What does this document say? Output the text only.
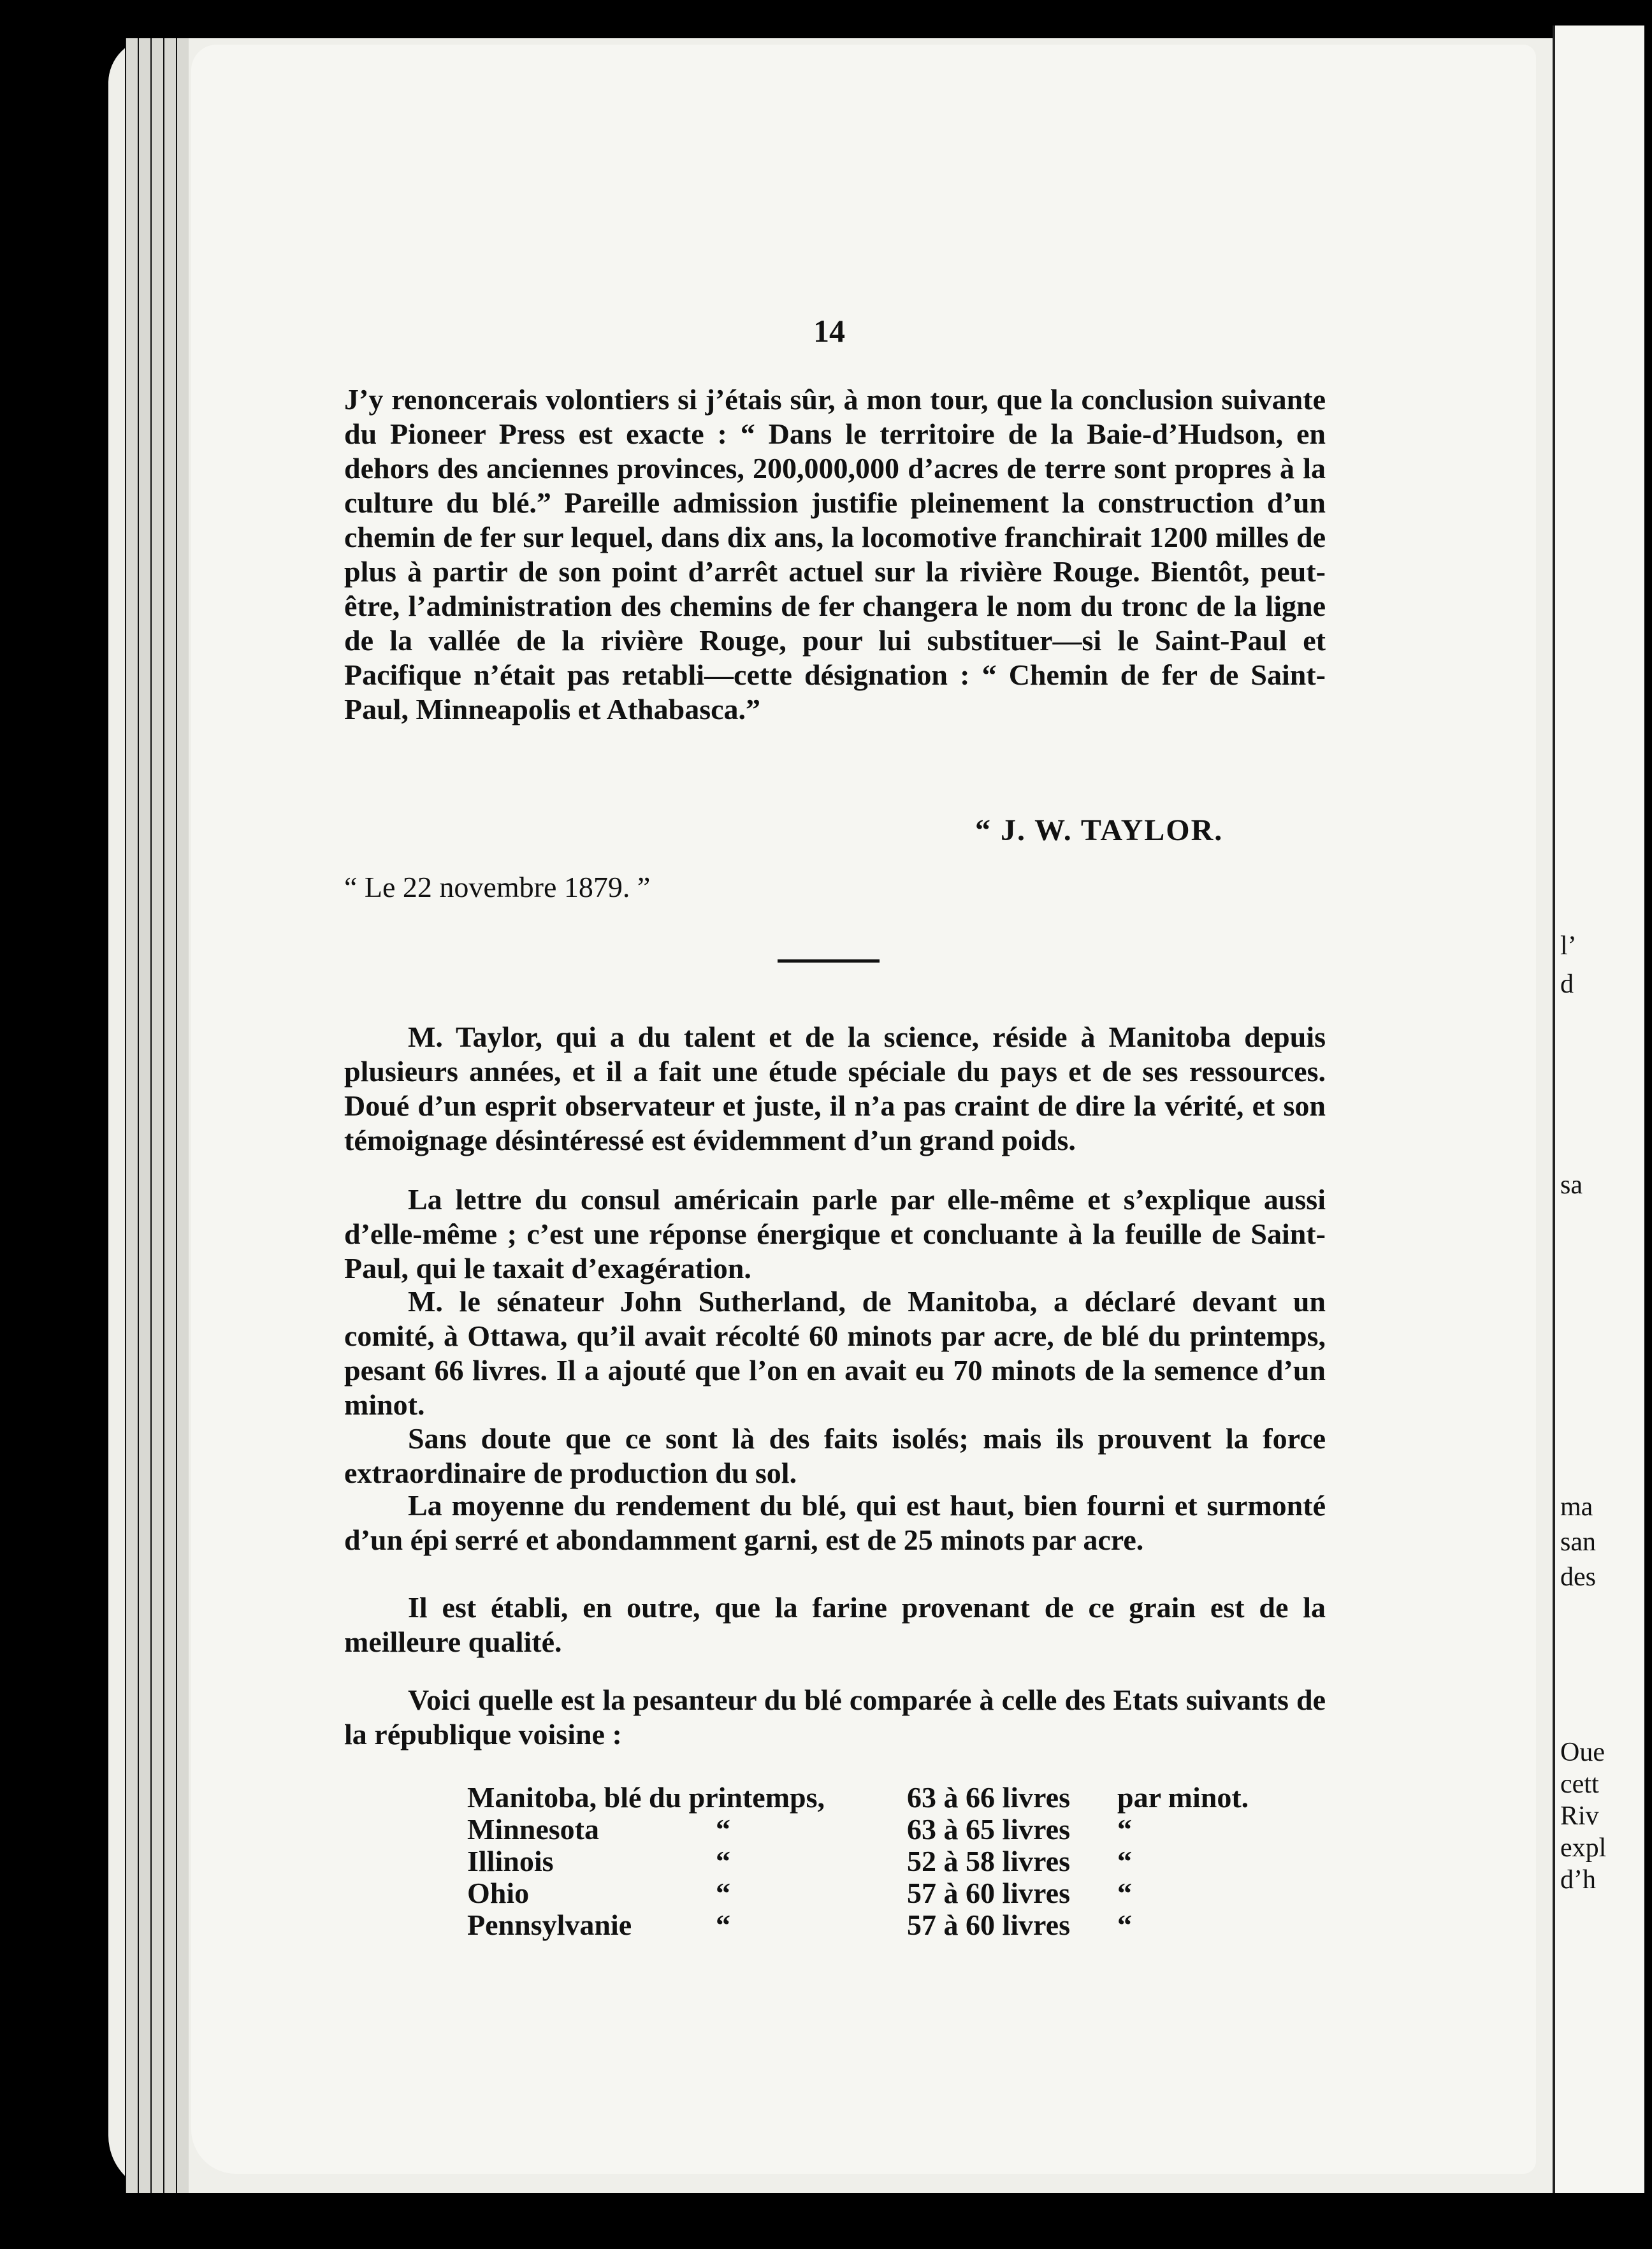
14
J’y renoncerais volontiers si j’étais sûr, à mon tour, que la conclusion suivante du Pioneer Press est exacte : “ Dans le territoire de la Baie-d’Hudson, en dehors des anciennes provinces, 200,000,000 d’acres de terre sont propres à la culture du blé.” Pareille admission justifie pleinement la construction d’un chemin de fer sur lequel, dans dix ans, la locomotive franchirait 1200 milles de plus à partir de son point d’arrêt actuel sur la rivière Rouge. Bientôt, peut-être, l’administration des chemins de fer changera le nom du tronc de la ligne de la vallée de la rivière Rouge, pour lui substituer—si le Saint-Paul et Pacifique n’était pas retabli—cette désignation : “ Chemin de fer de Saint-Paul, Minneapolis et Athabasca.”
“ J. W. TAYLOR.
“ Le 22 novembre 1879. ”
M. Taylor, qui a du talent et de la science, réside à Manitoba depuis plusieurs années, et il a fait une étude spéciale du pays et de ses ressources. Doué d’un esprit observateur et juste, il n’a pas craint de dire la vérité, et son témoignage désintéressé est évidemment d’un grand poids.
La lettre du consul américain parle par elle-même et s’explique aussi d’elle-même ; c’est une réponse énergique et concluante à la feuille de Saint-Paul, qui le taxait d’exagération.
M. le sénateur John Sutherland, de Manitoba, a déclaré devant un comité, à Ottawa, qu’il avait récolté 60 minots par acre, de blé du printemps, pesant 66 livres. Il a ajouté que l’on en avait eu 70 minots de la semence d’un minot.
Sans doute que ce sont là des faits isolés; mais ils prouvent la force extraordinaire de production du sol.
La moyenne du rendement du blé, qui est haut, bien fourni et surmonté d’un épi serré et abondamment garni, est de 25 minots par acre.
Il est établi, en outre, que la farine provenant de ce grain est de la meilleure qualité.
Voici quelle est la pesanteur du blé comparée à celle des Etats suivants de la république voisine :
Manitoba, blé du printemps,		63 à 66 livres	par minot.
Minnesota	“	63 à 65 livres	“
Illinois	“	52 à 58 livres	“
Ohio	“	57 à 60 livres	“
Pennsylvanie	“	57 à 60 livres	“
l’
d
sa
ma
san
des
Oue
cett
Riv
expl
d’h
